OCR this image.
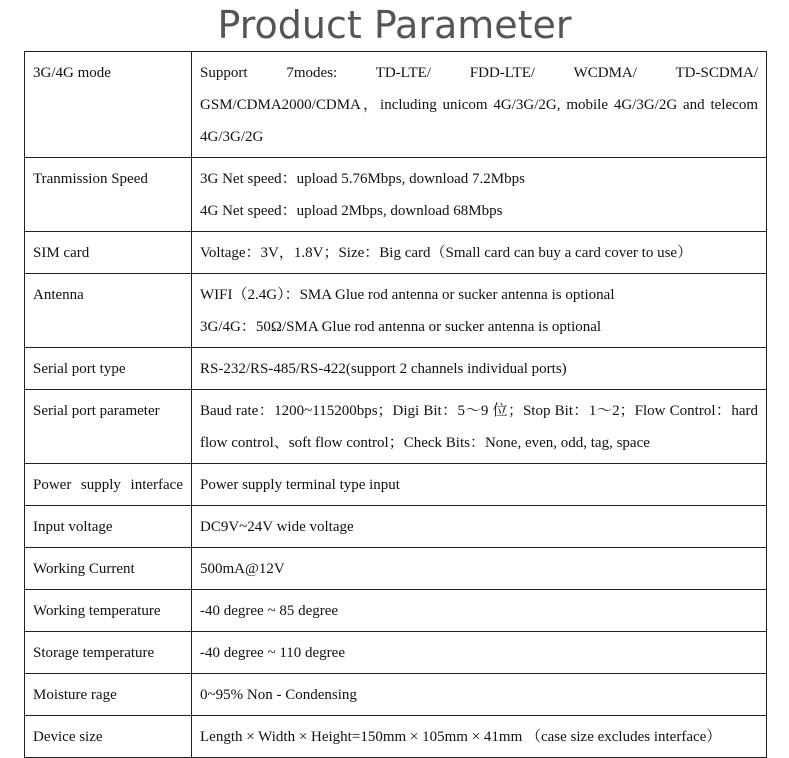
Product Parameter
3G/4G mode	Support 7modes: TD-LTE/ FDD-LTE/ WCDMA/ TD-SCDMA/ GSM/CDMA2000/CDMA，including unicom 4G/3G/2G, mobile 4G/3G/2G and telecom 4G/3G/2G
Tranmission Speed	3G Net speed：upload 5.76Mbps, download 7.2Mbps
4G Net speed：upload 2Mbps, download 68Mbps

SIM card	Voltage：3V，1.8V；Size：Big card（Small card can buy a card cover to use）
Antenna	WIFI（2.4G）：SMA Glue rod antenna or sucker antenna is optional
3G/4G：50Ω/SMA Glue rod antenna or sucker antenna is optional

Serial port type	RS-232/RS-485/RS-422(support 2 channels individual ports)
Serial port parameter	Baud rate：1200~115200bps；Digi Bit：5～9 位；Stop Bit：1～2；Flow Control：hard flow control、soft flow control；Check Bits：None, even, odd, tag, space
Power supply interface	Power supply terminal type input
Input voltage	DC9V~24V wide voltage
Working Current	500mA@12V
Working temperature	-40 degree ~ 85 degree
Storage temperature	-40 degree ~ 110 degree
Moisture rage	0~95% Non - Condensing
Device size	Length × Width × Height=150mm × 105mm × 41mm （case size excludes interface）
